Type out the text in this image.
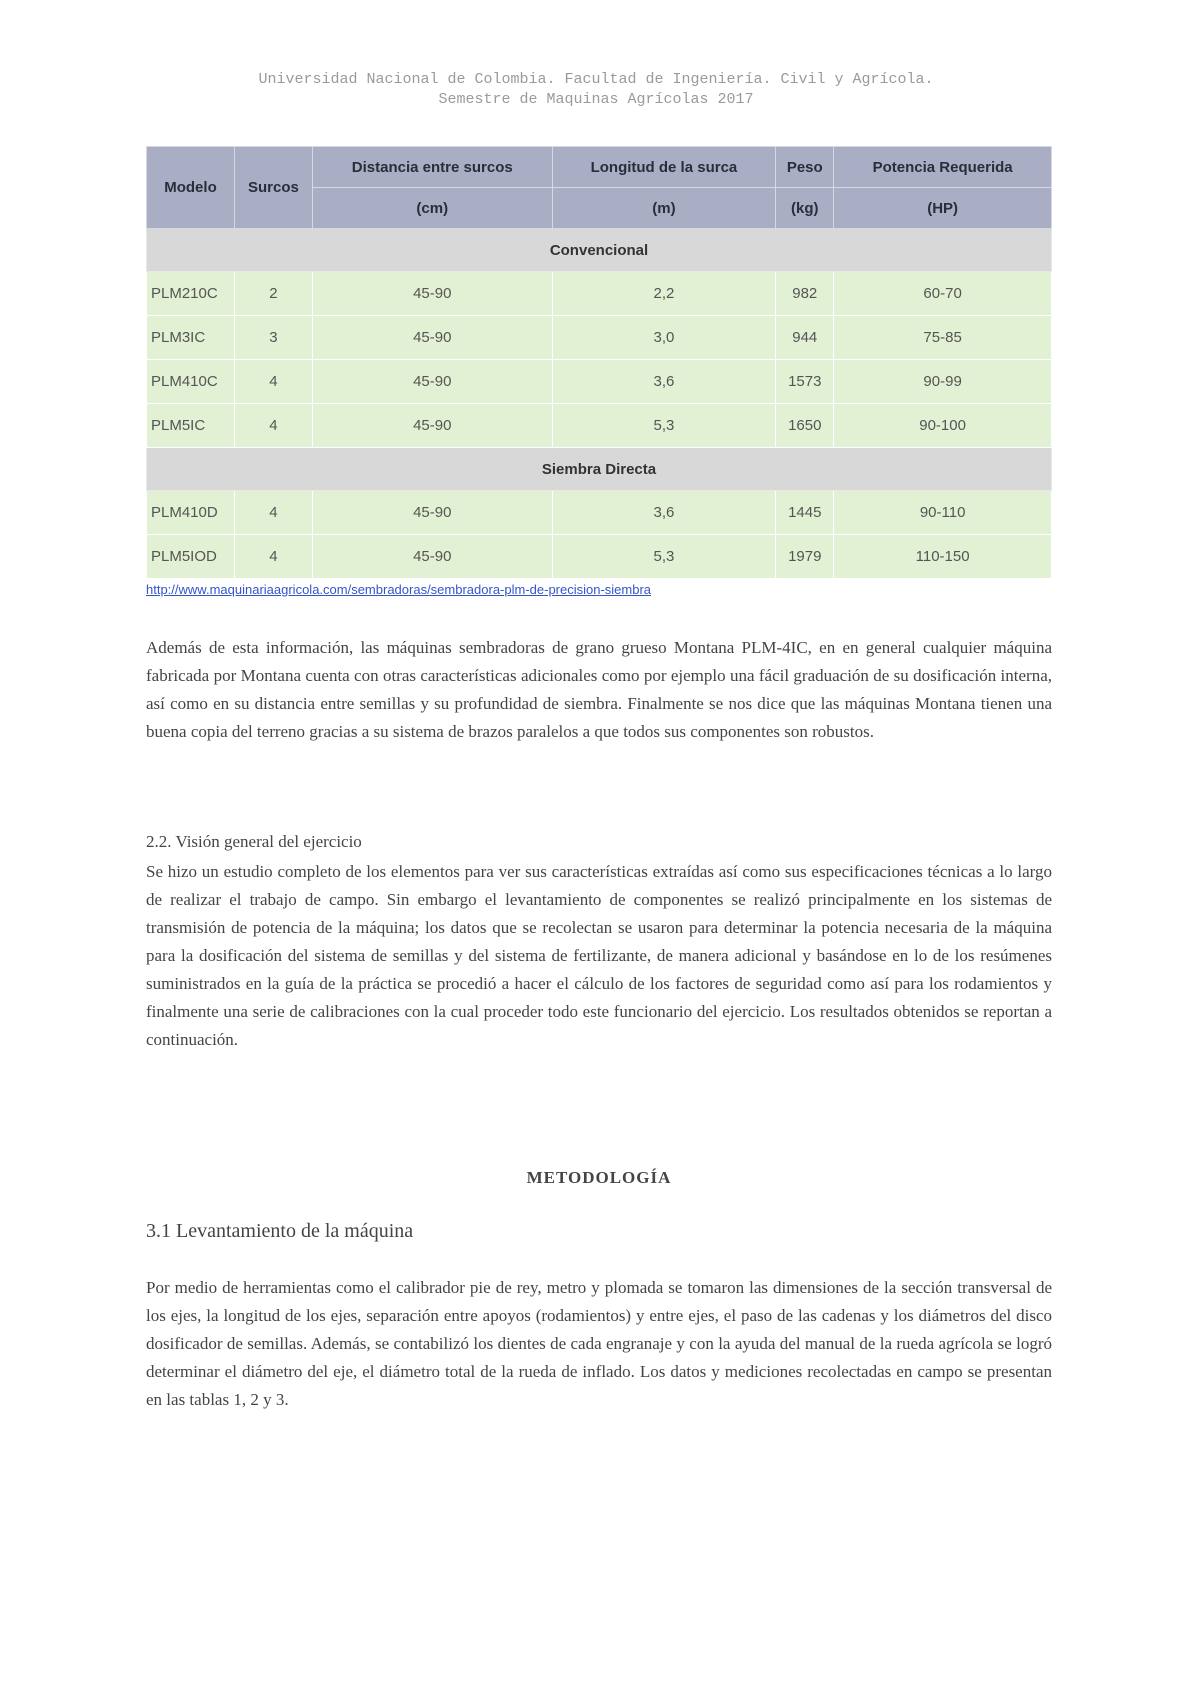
Universidad Nacional de Colombia. Facultad de Ingeniería. Civil y Agrícola.
Semestre de Maquinas Agrícolas 2017
Modelo	Surcos	Distancia entre surcos	Longitud de la surca	Peso	Potencia Requerida
		(cm)	(m)	(kg)	(HP)
Convencional					
PLM210C	2	45-90	2,2	982	60-70
PLM3IC	3	45-90	3,0	944	75-85
PLM410C	4	45-90	3,6	1573	90-99
PLM5IC	4	45-90	5,3	1650	90-100
Siembra Directa					
PLM410D	4	45-90	3,6	1445	90-110
PLM5IOD	4	45-90	5,3	1979	110-150
http://www.maquinariaagricola.com/sembradoras/sembradora-plm-de-precision-siembra

Además de esta información, las máquinas sembradoras de grano grueso Montana PLM-4IC, en en general cualquier máquina fabricada por Montana cuenta con otras características adicionales como por ejemplo una fácil graduación de su dosificación interna, así como en su distancia entre semillas y su profundidad de siembra. Finalmente se nos dice que las máquinas Montana tienen una buena copia del terreno gracias a su sistema de brazos paralelos a que todos sus componentes son robustos.

2.2. Visión general del ejercicio

Se hizo un estudio completo de los elementos para ver sus características extraídas así como sus especificaciones técnicas a lo largo de realizar el trabajo de campo. Sin embargo el levantamiento de componentes se realizó principalmente en los sistemas de transmisión de potencia de la máquina; los datos que se recolectan se usaron para determinar la potencia necesaria de la máquina para la dosificación del sistema de semillas y del sistema de fertilizante, de manera adicional y basándose en lo de los resúmenes suministrados en la guía de la práctica se procedió a hacer el cálculo de los factores de seguridad como así para los rodamientos y finalmente una serie de calibraciones con la cual proceder todo este funcionario del ejercicio. Los resultados obtenidos se reportan a continuación.

METODOLOGÍA

3.1 Levantamiento de la máquina

Por medio de herramientas como el calibrador pie de rey, metro y plomada se tomaron las dimensiones de la sección transversal de los ejes, la longitud de los ejes, separación entre apoyos (rodamientos) y entre ejes, el paso de las cadenas y los diámetros del disco dosificador de semillas. Además, se contabilizó los dientes de cada engranaje y con la ayuda del manual de la rueda agrícola se logró determinar el diámetro del eje, el diámetro total de la rueda de inflado. Los datos y mediciones recolectadas en campo se presentan en las tablas 1, 2 y 3.
